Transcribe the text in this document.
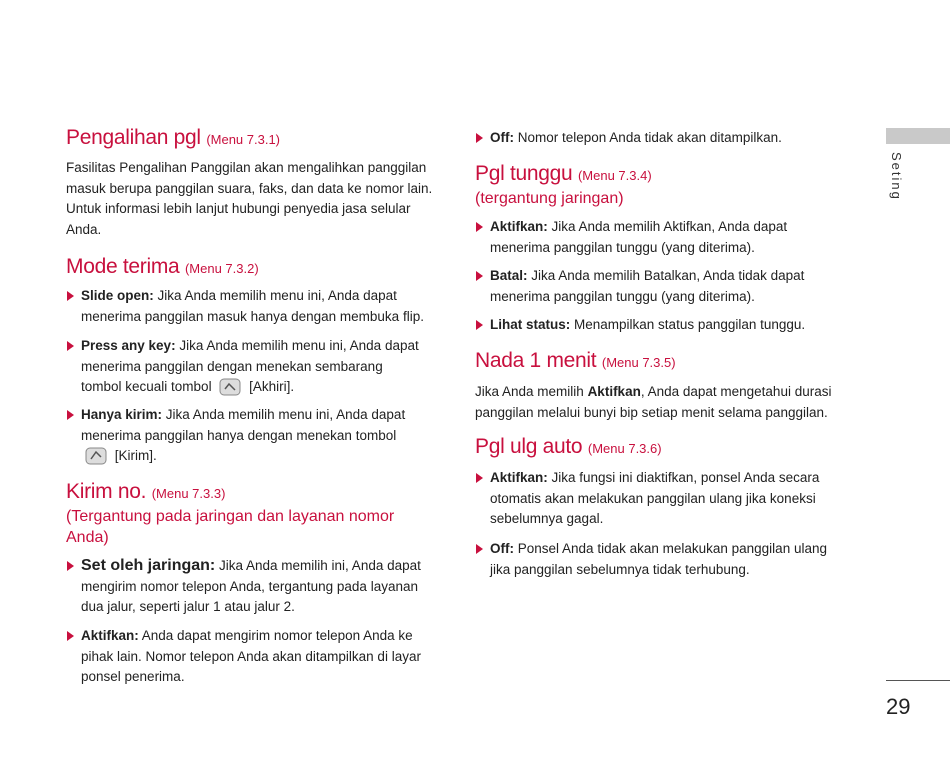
Pengalihan pgl (Menu 7.3.1)
Fasilitas Pengalihan Panggilan akan mengalihkan panggilan masuk berupa panggilan suara, faks, dan data ke nomor lain. Untuk informasi lebih lanjut hubungi penyedia jasa selular Anda.
Mode terima (Menu 7.3.2)
Slide open: Jika Anda memilih menu ini, Anda dapat menerima panggilan masuk hanya dengan membuka flip.
Press any key: Jika Anda memilih menu ini, Anda dapat menerima panggilan dengan menekan sembarang tombol kecuali tombol	[Akhiri].
Hanya kirim: Jika Anda memilih menu ini, Anda dapat menerima panggilan hanya dengan menekan tombol  [Kirim].
Kirim no. (Menu 7.3.3)
(Tergantung pada jaringan dan layanan nomor Anda)
Set oleh jaringan: Jika Anda memilih ini, Anda dapat mengirim nomor telepon Anda, tergantung pada layanan dua jalur, seperti jalur 1 atau jalur 2.
Aktifkan: Anda dapat mengirim nomor telepon Anda ke pihak lain. Nomor telepon Anda akan ditampilkan di layar ponsel penerima.
Off: Nomor telepon Anda tidak akan ditampilkan.
Pgl tunggu (Menu 7.3.4)
(tergantung jaringan)
Aktifkan: Jika Anda memilih Aktifkan, Anda dapat menerima panggilan tunggu (yang diterima).
Batal: Jika Anda memilih Batalkan, Anda tidak dapat menerima panggilan tunggu (yang diterima).
Lihat status: Menampilkan status panggilan tunggu.
Nada 1 menit (Menu 7.3.5)
Jika Anda memilih Aktifkan, Anda dapat mengetahui durasi panggilan melalui bunyi bip setiap menit selama panggilan.
Pgl ulg auto (Menu 7.3.6)
Aktifkan: Jika fungsi ini diaktifkan, ponsel Anda secara otomatis akan melakukan panggilan ulang jika koneksi sebelumnya gagal.
Off: Ponsel Anda tidak akan melakukan panggilan ulang jika panggilan sebelumnya tidak terhubung.
Seting
29
